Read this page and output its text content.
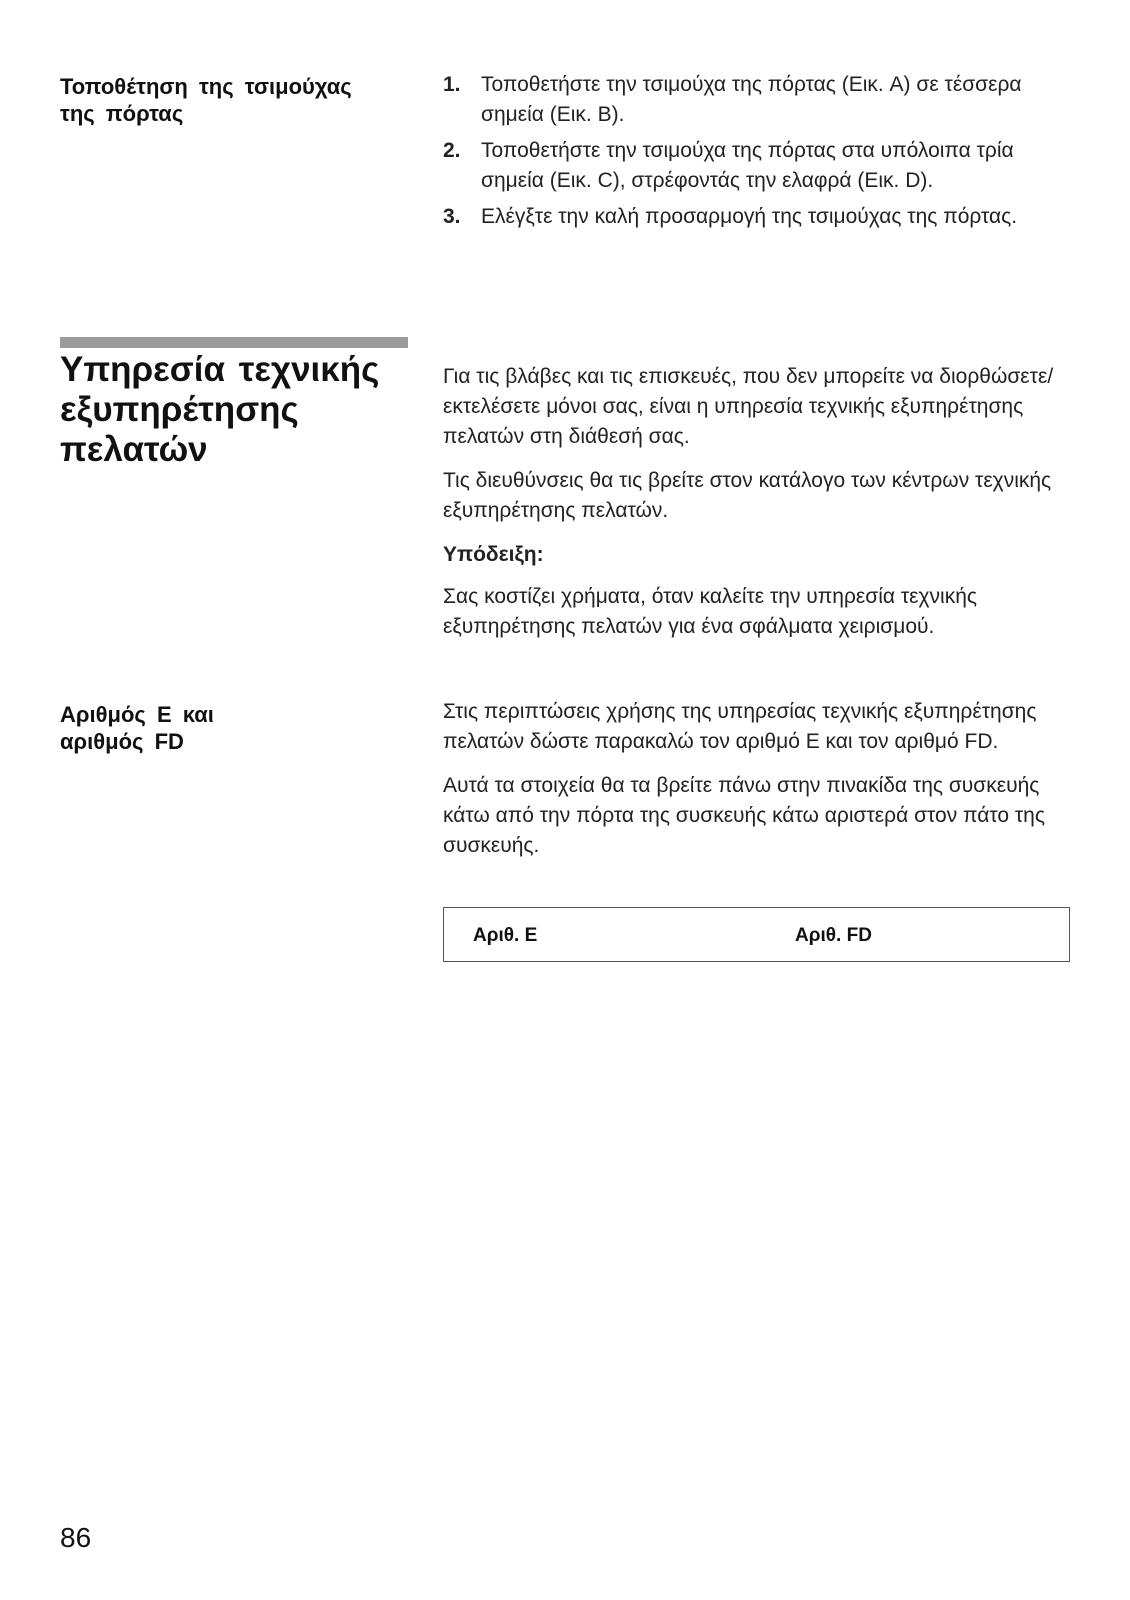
Τοποθέτηση της τσιμούχας της πόρτας
1. Τοποθετήστε την τσιμούχα της πόρτας (Εικ. A) σε τέσσερα σημεία (Εικ. B).
2. Τοποθετήστε την τσιμούχα της πόρτας στα υπόλοιπα τρία σημεία (Εικ. C), στρέφοντάς την ελαφρά (Εικ. D).
3. Ελέγξτε την καλή προσαρμογή της τσιμούχας της πόρτας.
Υπηρεσία τεχνικής εξυπηρέτησης πελατών

Για τις βλάβες και τις επισκευές, που δεν μπορείτε να διορθώσετε/εκτελέσετε μόνοι σας, είναι η υπηρεσία τεχνικής εξυπηρέτησης πελατών στη διάθεσή σας.

Τις διευθύνσεις θα τις βρείτε στον κατάλογο των κέντρων τεχνικής εξυπηρέτησης πελατών.

Υπόδειξη:

Σας κοστίζει χρήματα, όταν καλείτε την υπηρεσία τεχνικής εξυπηρέτησης πελατών για ένα σφάλματα χειρισμού.

Αριθμός E και
αριθμός FD

Στις περιπτώσεις χρήσης της υπηρεσίας τεχνικής εξυπηρέτησης πελατών δώστε παρακαλώ τον αριθμό E και τον αριθμό FD.

Αυτά τα στοιχεία θα τα βρείτε πάνω στην πινακίδα της συσκευής κάτω από την πόρτα της συσκευής κάτω αριστερά στον πάτο της συσκευής.

Αριθ. E	Αριθ. FD
86
